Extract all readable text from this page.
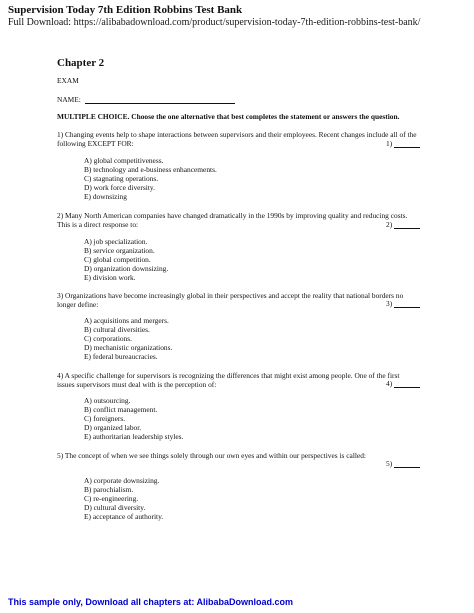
Supervision Today 7th Edition Robbins Test Bank
Full Download: https://alibabadownload.com/product/supervision-today-7th-edition-robbins-test-bank/
Chapter 2
EXAM
NAME:
MULTIPLE CHOICE. Choose the one alternative that best completes the statement or answers the question.
1) Changing events help to shape interactions between supervisors and their employees. Recent changes include all of the following EXCEPT FOR:	1)
A) global competitiveness.
B) technology and e-business enhancements.
C) stagnating operations.
D) work force diversity.
E) downsizing
2) Many North American companies have changed dramatically in the 1990s by improving quality and reducing costs. This is a direct response to:	2)
A) job specialization.
B) service organization.
C) global competition.
D) organization downsizing.
E) division work.
3) Organizations have become increasingly global in their perspectives and accept the reality that national borders no longer define:	3)
A) acquisitions and mergers.
B) cultural diversities.
C) corporations.
D) mechanistic organizations.
E) federal bureaucracies.
4) A specific challenge for supervisors is recognizing the differences that might exist among people. One of the first issues supervisors must deal with is the perception of:	4)
A) outsourcing.
B) conflict management.
C) foreigners.
D) organized labor.
E) authoritarian leadership styles.
5) The concept of when we see things solely through our own eyes and within our perspectives is called:
5)
A) corporate downsizing.
B) parochialism.
C) re-engineering.
D) cultural diversity.
E) acceptance of authority.
This sample only, Download all chapters at: AlibabaDownload.com
